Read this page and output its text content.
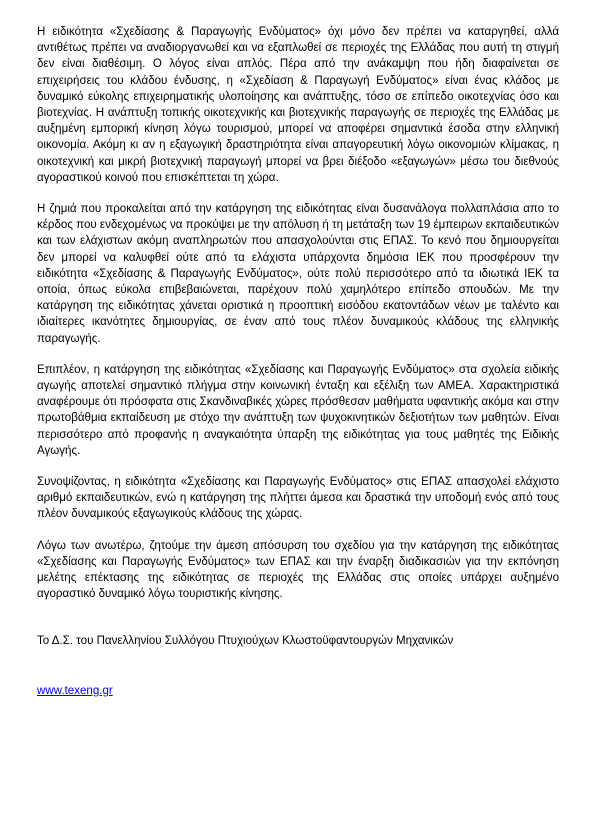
Η ειδικότητα «Σχεδίασης & Παραγωγής Ενδύματος» όχι μόνο δεν πρέπει να καταργηθεί, αλλά αντιθέτως πρέπει να αναδιοργανωθεί και να εξαπλωθεί σε περιοχές της Ελλάδας που αυτή τη στιγμή δεν είναι διαθέσιμη. Ο λόγος είναι απλός. Πέρα από την ανάκαμψη που ήδη διαφαίνεται σε επιχειρήσεις του κλάδου ένδυσης, η «Σχεδίαση & Παραγωγή Ενδύματος» είναι ένας κλάδος με δυναμικό εύκολης επιχειρηματικής υλοποίησης και ανάπτυξης, τόσο σε επίπεδο οικοτεχνίας όσο και βιοτεχνίας. Η ανάπτυξη τοπικής οικοτεχνικής και βιοτεχνικής παραγωγής σε περιοχές της Ελλάδας με αυξημένη εμπορική κίνηση λόγω τουρισμού, μπορεί να αποφέρει σημαντικά έσοδα στην ελληνική οικονομία. Ακόμη κι αν η εξαγωγική δραστηριότητα είναι απαγορευτική λόγω οικονομιών κλίμακας, η οικοτεχνική και μικρή βιοτεχνική παραγωγή μπορεί να βρει διέξοδο «εξαγωγών» μέσω του διεθνούς αγοραστικού κοινού που επισκέπτεται τη χώρα.

Η ζημιά που προκαλείται από την κατάργηση της ειδικότητας είναι δυσανάλογα πολλαπλάσια απο το κέρδος που ενδεχομένως να προκύψει με την απόλυση ή τη μετάταξη των 19 έμπειρων εκπαιδευτικών και των ελάχιστων ακόμη αναπληρωτών που απασχολούνται στις ΕΠΑΣ. Το κενό που δημιουργείται δεν μπορεί να καλυφθεί ούτε από τα ελάχιστα υπάρχοντα δημόσια ΙΕΚ που προσφέρουν την ειδικότητα «Σχεδίασης & Παραγωγής Ενδύματος», ούτε πολύ περισσότερο από τα ιδιωτικά ΙΕΚ τα οποία, όπως εύκολα επιβεβαιώνεται, παρέχουν πολύ χαμηλότερο επίπεδο σπουδών. Με την κατάργηση της ειδικότητας χάνεται οριστικά η προοπτική εισόδου εκατοντάδων νέων με ταλέντο και ιδιαίτερες ικανότητες δημιουργίας, σε έναν από τους πλέον δυναμικούς κλάδους της ελληνικής παραγωγής.

Επιπλέον, η κατάργηση της ειδικότητας «Σχεδίασης και Παραγωγής Ενδύματος» στα σχολεία ειδικής αγωγής αποτελεί σημαντικό πλήγμα στην κοινωνική ένταξη και εξέλιξη των ΑΜΕΑ. Χαρακτηριστικά αναφέρουμε ότι πρόσφατα στις Σκανδιναβικές χώρες πρόσθεσαν μαθήματα υφαντικής ακόμα και στην πρωτοβάθμια εκπαίδευση με στόχο την ανάπτυξη των ψυχοκινητικών δεξιοτήτων των μαθητών. Είναι περισσότερο από προφανής η αναγκαιότητα ύπαρξη της ειδικότητας για τους μαθητές της Ειδικής Αγωγής.

Συνοψίζοντας, η ειδικότητα «Σχεδίασης και Παραγωγής Ενδύματος» στις ΕΠΑΣ απασχολεί ελάχιστο αριθμό εκπαιδευτικών, ενώ η κατάργηση της πλήττει άμεσα και δραστικά την υποδομή ενός από τους πλέον δυναμικούς εξαγωγικούς κλάδους της χώρας.

Λόγω των ανωτέρω, ζητούμε την άμεση απόσυρση του σχεδίου για την κατάργηση της ειδικότητας «Σχεδίασης και Παραγωγής Ενδύματος» των ΕΠΑΣ και την έναρξη διαδικασιών για την εκπόνηση μελέτης επέκτασης της ειδικότητας σε περιοχές της Ελλάδας στις οποίες υπάρχει αυξημένο αγοραστικό δυναμικό λόγω τουριστικής κίνησης.

Το Δ.Σ. του Πανελληνίου Συλλόγου Πτυχιούχων Κλωστοϋφαντουργών Μηχανικών

www.texeng.gr
